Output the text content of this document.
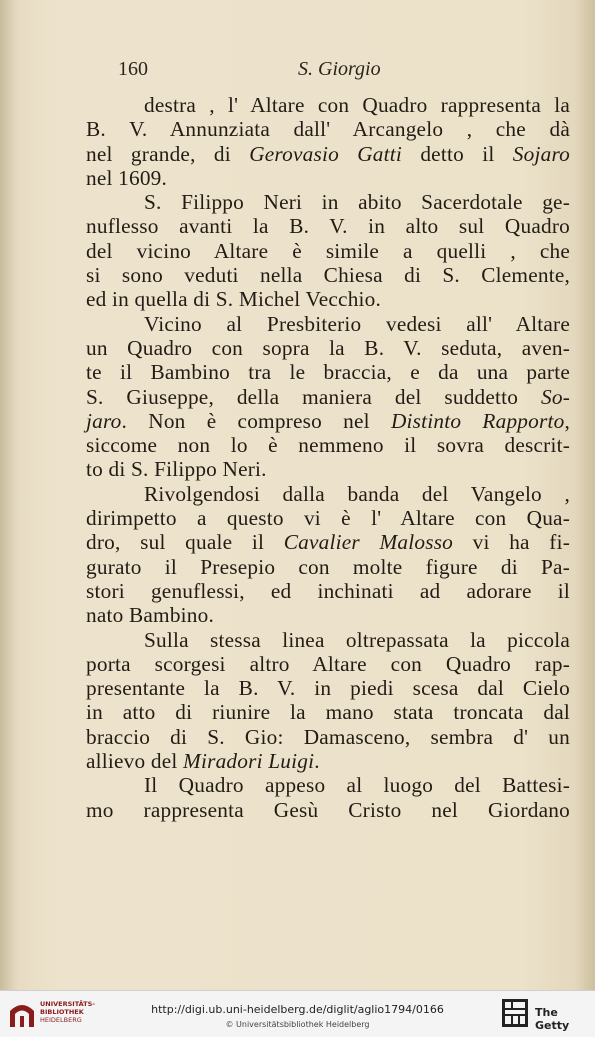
160	S. Giorgio
destra , l' Altare con Quadro rappresenta la
B. V. Annunziata dall' Arcangelo , che dà
nel grande, di Gerovasio Gatti detto il Sojaro
nel 1609.
S. Filippo Neri in abito Sacerdotale ge-
nuflesso avanti la B. V. in alto sul Quadro
del vicino Altare è simile a quelli , che
si sono veduti nella Chiesa di S. Clemente,
ed in quella di S. Michel Vecchio.
Vicino al Presbiterio vedesi all' Altare
un Quadro con sopra la B. V. seduta, aven-
te il Bambino tra le braccia, e da una parte
S. Giuseppe, della maniera del suddetto So-
jaro. Non è compreso nel Distinto Rapporto,
siccome non lo è nemmeno il sovra descrit-
to di S. Filippo Neri.
Rivolgendosi dalla banda del Vangelo ,
dirimpetto a questo vi è l' Altare con Qua-
dro, sul quale il Cavalier Malosso vi ha fi-
gurato il Presepio con molte figure di Pa-
stori genuflessi, ed inchinati ad adorare il
nato Bambino.
Sulla stessa linea oltrepassata la piccola
porta scorgesi altro Altare con Quadro rap-
presentante la B. V. in piedi scesa dal Cielo
in atto di riunire la mano stata troncata dal
braccio di S. Gio: Damasceno, sembra d' un
allievo del Miradori Luigi.
Il Quadro appeso al luogo del Battesi-
mo rappresenta Gesù Cristo nel Giordano
UNIVERSITÄTS-
BIBLIOTHEK
HEIDELBERG
http://digi.ub.uni-heidelberg.de/diglit/aglio1794/0166
© Universitätsbibliothek Heidelberg
The Getty
